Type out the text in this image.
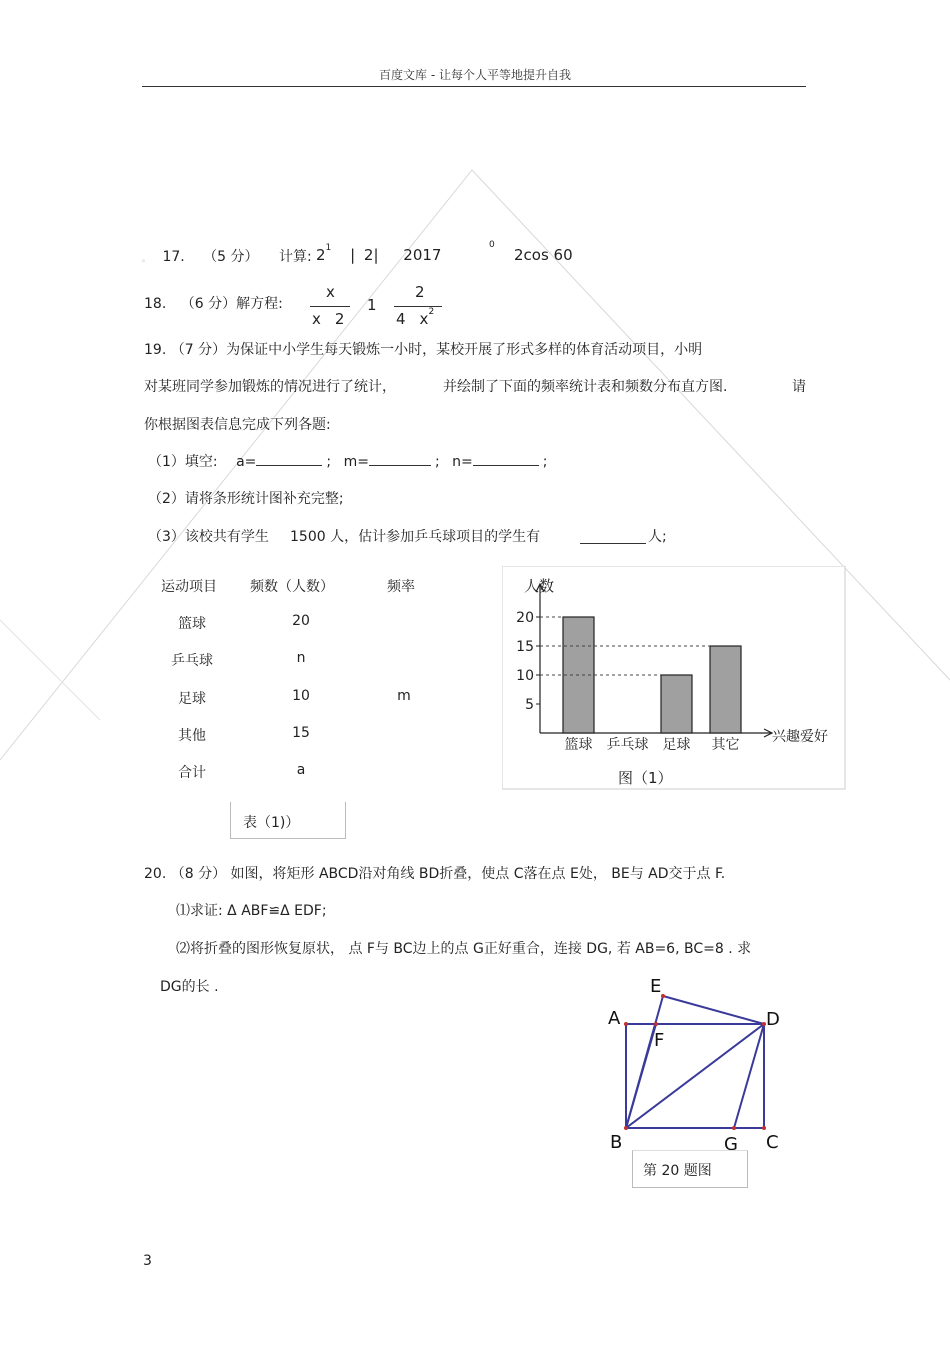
百度文库 - 让每个人平等地提升自我
。 17. （5 分） 计算: $2^1$ | 2| 2017
0
2cos 60
18. （6 分）解方程:
x
x 2
1
2
4 $x^2$
19. （7 分）为保证中小学生每天锻炼一小时，某校开展了形式多样的体育活动项目，小明
对某班同学参加锻炼的情况进行了统计，	并绘制了下面的频率统计表和频数分布直方图.	请
你根据图表信息完成下列各题:
（1）填空: a=	; m=	; n=	;
（2）请将条形统计图补充完整;
（3）该校共有学生 1500 人，估计参加乒乓球项目的学生有	人;
运动项目	频数（人数）	频率
篮球	20
乒乓球	n
足球	10	m
其他	15
合计	a
表（1)）
5
10
15
20
篮球 乒乓球 足球 其它
人数
兴趣爱好
图（1）
20. （8 分） 如图，将矩形 ABCD沿对角线 BD折叠，使点 C落在点 E处， BE与 AD交于点 F.
⑴求证: Δ ABF≌Δ EDF;
⑵将折叠的图形恢复原状， 点 F与 BC边上的点 G正好重合，连接 DG, 若 AB=6, BC=8 . 求
DG的长 .	E
A	D
F
B	G C
第 20 题图
3
